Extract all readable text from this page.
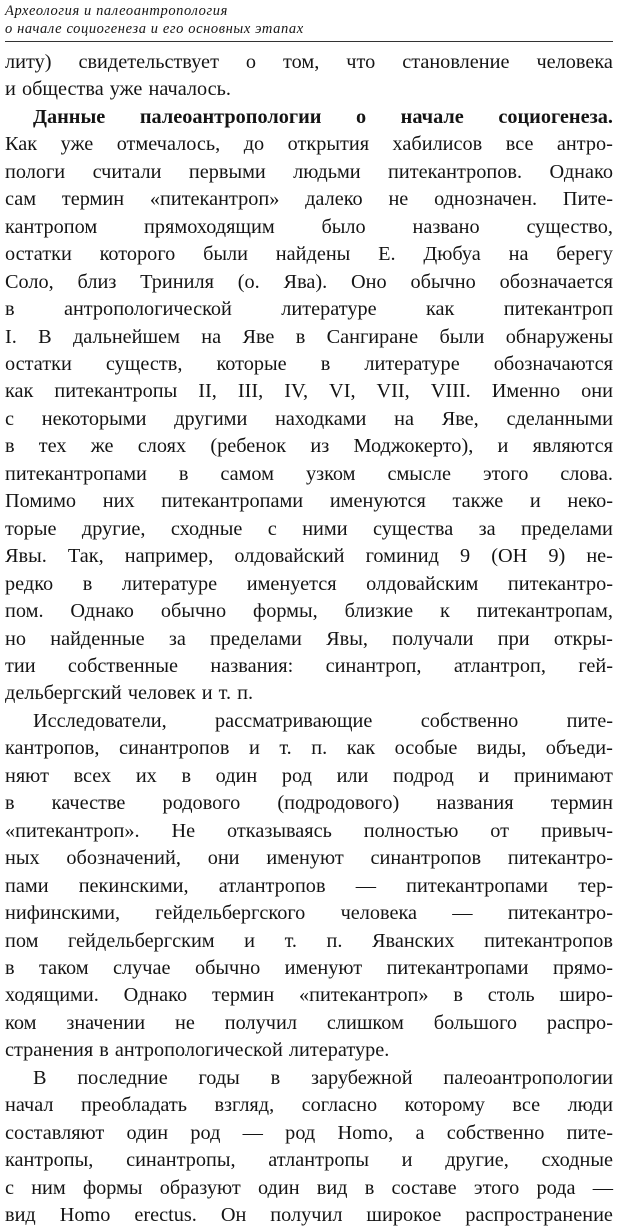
Археология и палеоантропология
о начале социогенеза и его основных этапах
литу) свидетельствует о том, что становление человека
и общества уже началось.
Данные палеоантропологии о начале социогенеза.
Как уже отмечалось, до открытия хабилисов все антро-
пологи считали первыми людьми питекантропов. Однако
сам термин «питекантроп» далеко не однозначен. Пите-
кантропом прямоходящим было названо существо,
остатки которого были найдены Е. Дюбуа на берегу
Соло, близ Триниля (о. Ява). Оно обычно обозначается
в антропологической литературе как питекантроп
I. В дальнейшем на Яве в Сангиране были обнаружены
остатки существ, которые в литературе обозначаются
как питекантропы II, III, IV, VI, VII, VIII. Именно они
с некоторыми другими находками на Яве, сделанными
в тех же слоях (ребенок из Моджокерто), и являются
питекантропами в самом узком смысле этого слова.
Помимо них питекантропами именуются также и неко-
торые другие, сходные с ними существа за пределами
Явы. Так, например, олдовайский гоминид 9 (ОН 9) не-
редко в литературе именуется олдовайским питекантро-
пом. Однако обычно формы, близкие к питекантропам,
но найденные за пределами Явы, получали при откры-
тии собственные названия: синантроп, атлантроп, гей-
дельбергский человек и т. п.
Исследователи, рассматривающие собственно пите-
кантропов, синантропов и т. п. как особые виды, объеди-
няют всех их в один род или подрод и принимают
в качестве родового (подродового) названия термин
«питекантроп». Не отказываясь полностью от привыч-
ных обозначений, они именуют синантропов питекантро-
пами пекинскими, атлантропов — питекантропами тер-
нифинскими, гейдельбергского человека — питекантро-
пом гейдельбергским и т. п. Яванских питекантропов
в таком случае обычно именуют питекантропами прямо-
ходящими. Однако термин «питекантроп» в столь широ-
ком значении не получил слишком большого распро-
странения в антропологической литературе.
В последние годы в зарубежной палеоантропологии
начал преобладать взгляд, согласно которому все люди
составляют один род — род Homo, а собственно пите-
кантропы, синантропы, атлантропы и другие, сходные
с ним формы образуют один вид в составе этого рода —
вид Homo erectus. Он получил широкое распространение
